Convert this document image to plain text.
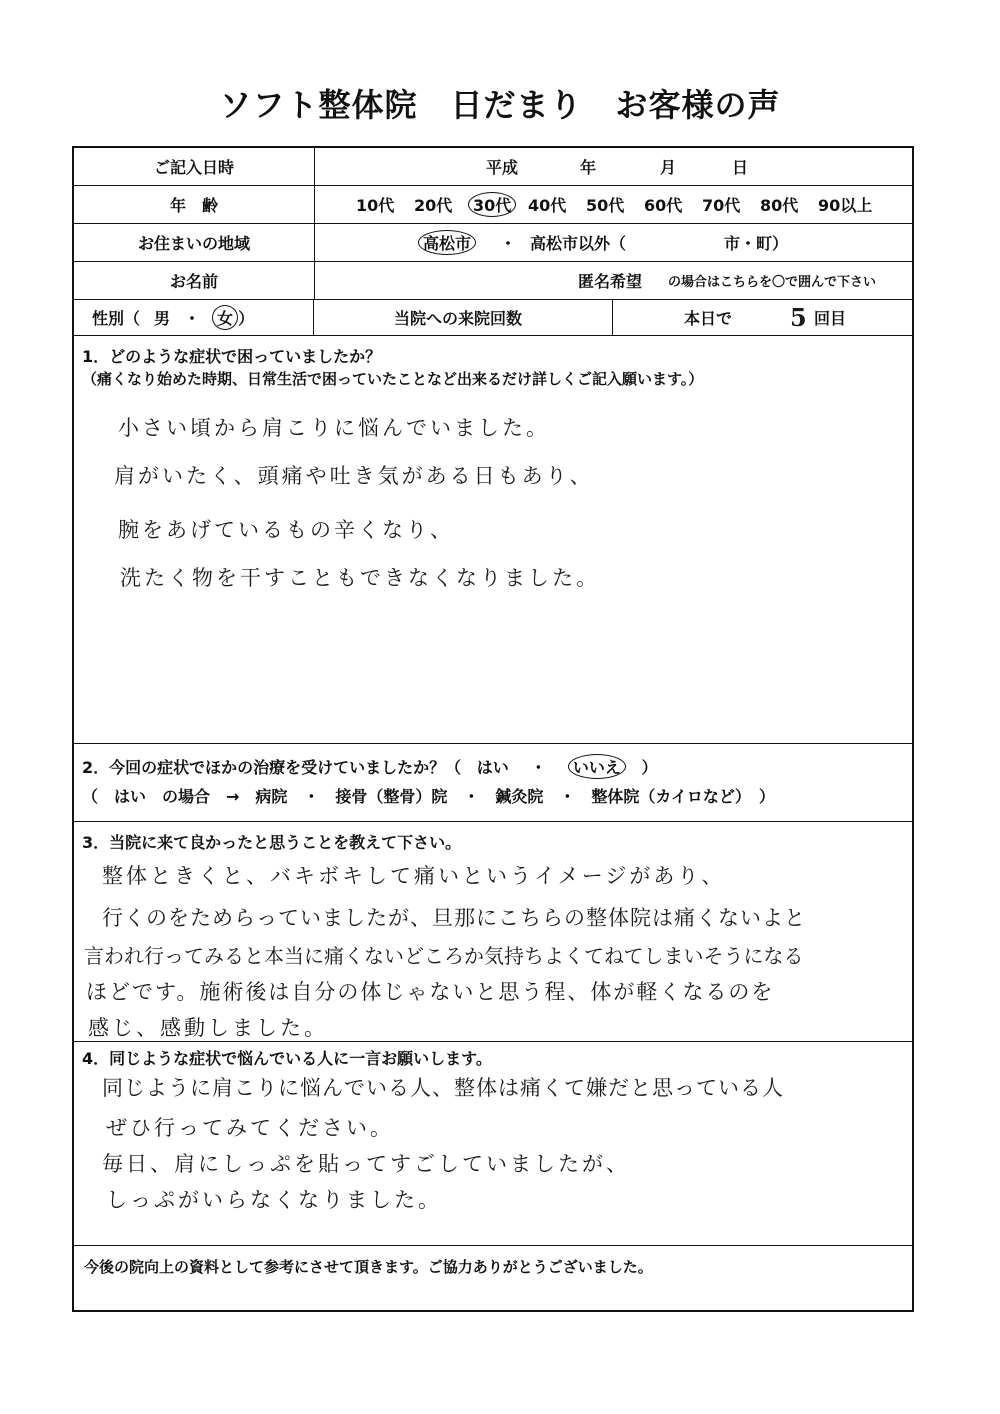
ソフト整体院　日だまり　お客様の声
ご記入日時	平成	年	月	日
年　齢	10代 20代	30代	40代 50代 60代 70代 80代 90以上
お住まいの地域	高松市	・ 高松市以外（	市・町）
お名前	匿名希望 の場合はこちらを〇で囲んで下さい
性別（ 男 ・	女 ）	当院への来院回数	本日で 5 回目
1．どのような症状で困っていましたか？
（痛くなり始めた時期、日常生活で困っていたことなど出来るだけ詳しくご記入願います。）
小さい頃から肩こりに悩んでいました。
肩がいたく、頭痛や吐き気がある日もあり、
腕をあげているもの辛くなり、
洗たく物を干すこともできなくなりました。
2．今回の症状でほかの治療を受けていましたか？（ はい ・ いいえ ）
（　はい　の場合　→　病院　・　接骨（整骨）院　・　鍼灸院　・　整体院（カイロなど）　）
3．当院に来て良かったと思うことを教えて下さい。
整体ときくと、バキボキして痛いというイメージがあり、
行くのをためらっていましたが、旦那にこちらの整体院は痛くないよと
言われ行ってみると本当に痛くないどころか気持ちよくてねてしまいそうになる
ほどです。施術後は自分の体じゃないと思う程、体が軽くなるのを
感じ、感動しました。
4．同じような症状で悩んでいる人に一言お願いします。
同じように肩こりに悩んでいる人、整体は痛くて嫌だと思っている人
ぜひ行ってみてください。
毎日、肩にしっぷを貼ってすごしていましたが、
しっぷがいらなくなりました。
今後の院向上の資料として参考にさせて頂きます。ご協力ありがとうございました。
